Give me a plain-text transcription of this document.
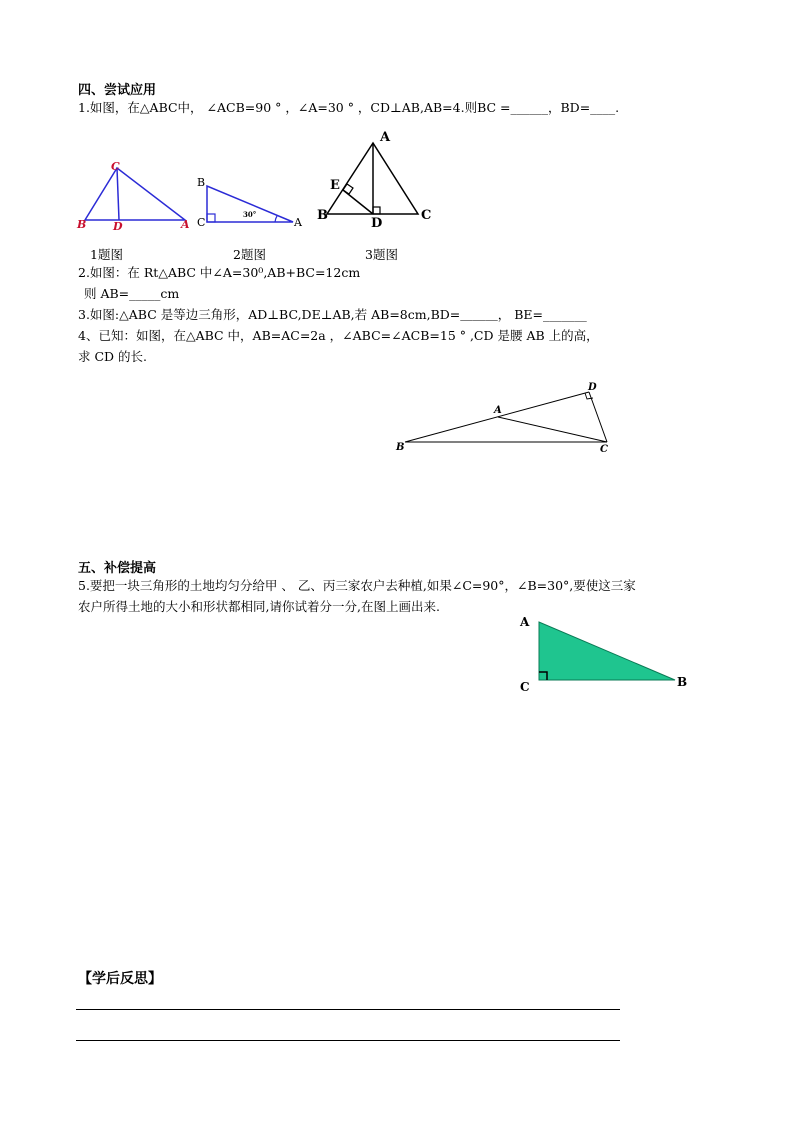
四、尝试应用
1.如图，在△ABC中， ∠ACB=90 ° ，∠A=30 ° ，CD⊥AB,AB=4.则BC =______，BD=____.
C
B D	A
B
C	A
30°
A
E
B
D
C
1题图	2题图	3题图
2.如图：在 Rt△ABC 中∠A=30⁰,AB+BC=12cm
则 AB=_____cm
3.如图:△ABC 是等边三角形，AD⊥BC,DE⊥AB,若 AB=8cm,BD=＿＿＿， BE=_______
4、已知：如图，在△ABC 中，AB=AC=2a ，∠ABC=∠ACB=15 ° ,CD 是腰 AB 上的高，
求 CD 的长.
D
A
B	C
五、补偿提高
5.要把一块三角形的土地均匀分给甲 、 乙、丙三家农户去种植,如果∠C=90°，∠B=30°,要使这三家
农户所得土地的大小和形状都相同,请你试着分一分,在图上画出来.
A
C	B
【学后反思】
